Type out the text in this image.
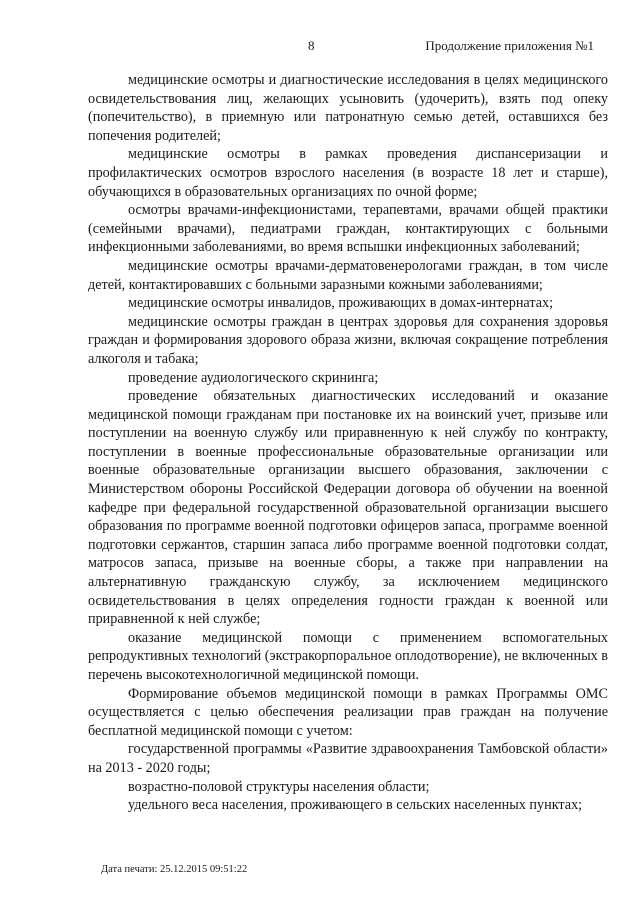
8	Продолжение приложения №1

медицинские осмотры и диагностические исследования в целях медицинского освидетельствования лиц, желающих усыновить (удочерить), взять под опеку (попечительство), в приемную или патронатную семью детей, оставшихся без попечения родителей;

медицинские осмотры в рамках проведения диспансеризации и профилактических осмотров взрослого населения (в возрасте 18 лет и старше), обучающихся в образовательных организациях по очной форме;

осмотры врачами-инфекционистами, терапевтами, врачами общей практики (семейными врачами), педиатрами граждан, контактирующих с больными инфекционными заболеваниями, во время вспышки инфекционных заболеваний;

медицинские осмотры врачами-дерматовенерологами граждан, в том числе детей, контактировавших с больными заразными кожными заболеваниями;

медицинские осмотры инвалидов, проживающих в домах-интернатах;

медицинские осмотры граждан в центрах здоровья для сохранения здоровья граждан и формирования здорового образа жизни, включая сокращение потребления алкоголя и табака;

проведение аудиологического скрининга;

проведение обязательных диагностических исследований и оказание медицинской помощи гражданам при постановке их на воинский учет, призыве или поступлении на военную службу или приравненную к ней службу по контракту, поступлении в военные профессиональные образовательные организации или военные образовательные организации высшего образования, заключении с Министерством обороны Российской Федерации договора об обучении на военной кафедре при федеральной государственной образовательной организации высшего образования по программе военной подготовки офицеров запаса, программе военной подготовки сержантов, старшин запаса либо программе военной подготовки солдат, матросов запаса, призыве на военные сборы, а также при направлении на альтернативную гражданскую службу, за исключением медицинского освидетельствования в целях определения годности граждан к военной или приравненной к ней службе;

оказание медицинской помощи с применением вспомогательных репродуктивных технологий (экстракорпоральное оплодотворение), не включенных в перечень высокотехнологичной медицинской помощи.

Формирование объемов медицинской помощи в рамках Программы ОМС осуществляется с целью обеспечения реализации прав граждан на получение бесплатной медицинской помощи с учетом:

государственной программы «Развитие здравоохранения Тамбовской области» на 2013 - 2020 годы;

возрастно-половой структуры населения области;

удельного веса населения, проживающего в сельских населенных пунктах;

Дата печати: 25.12.2015 09:51:22
